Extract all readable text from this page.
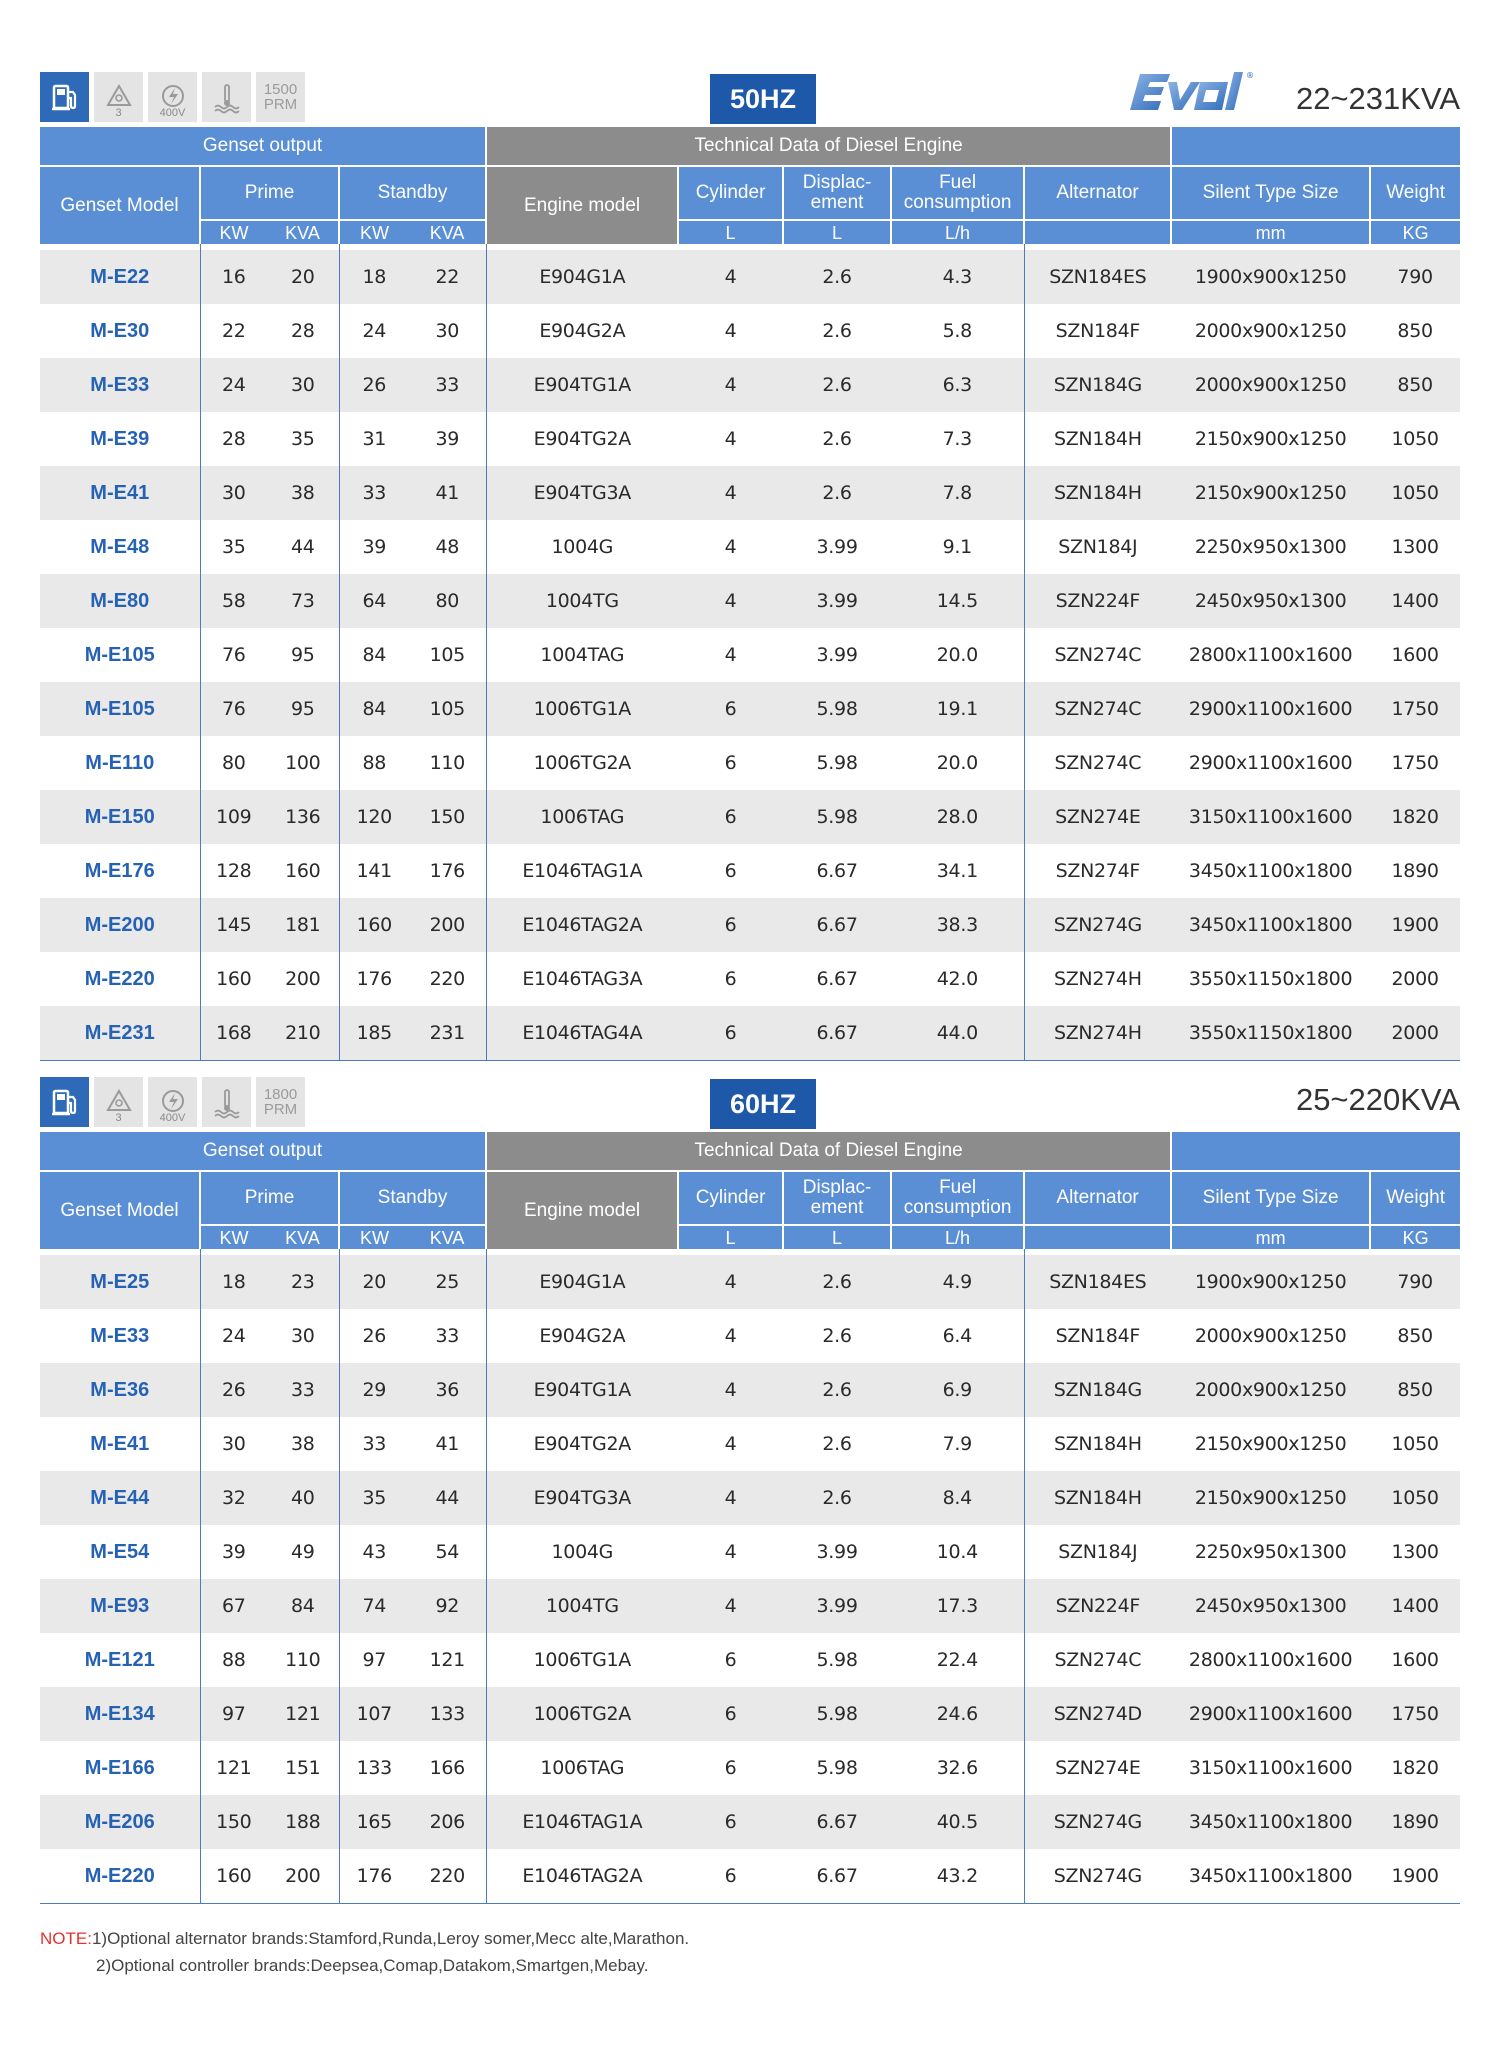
3	400V
1500
PRM	50HZ	22~231KVA
Genset output					Technical Data of Diesel Engine						
Genset Model	Prime		Standby		Engine model	Cylinder	Displac- ement	Fuel consumption	Alternator	Silent Type Size	Weight
	KW	KVA	KW	KVA		L	L	L/h		mm	KG

M-E22	16	20	18	22	E904G1A	4	2.6	4.3	SZN184ES	1900x900x1250	790
M-E30	22	28	24	30	E904G2A	4	2.6	5.8	SZN184F	2000x900x1250	850
M-E33	24	30	26	33	E904TG1A	4	2.6	6.3	SZN184G	2000x900x1250	850
M-E39	28	35	31	39	E904TG2A	4	2.6	7.3	SZN184H	2150x900x1250	1050
M-E41	30	38	33	41	E904TG3A	4	2.6	7.8	SZN184H	2150x900x1250	1050
M-E48	35	44	39	48	1004G	4	3.99	9.1	SZN184J	2250x950x1300	1300
M-E80	58	73	64	80	1004TG	4	3.99	14.5	SZN224F	2450x950x1300	1400
M-E105	76	95	84	105	1004TAG	4	3.99	20.0	SZN274C	2800x1100x1600	1600
M-E105	76	95	84	105	1006TG1A	6	5.98	19.1	SZN274C	2900x1100x1600	1750
M-E110	80	100	88	110	1006TG2A	6	5.98	20.0	SZN274C	2900x1100x1600	1750
M-E150	109	136	120	150	1006TAG	6	5.98	28.0	SZN274E	3150x1100x1600	1820
M-E176	128	160	141	176	E1046TAG1A	6	6.67	34.1	SZN274F	3450x1100x1800	1890
M-E200	145	181	160	200	E1046TAG2A	6	6.67	38.3	SZN274G	3450x1100x1800	1900
M-E220	160	200	176	220	E1046TAG3A	6	6.67	42.0	SZN274H	3550x1150x1800	2000
M-E231	168	210	185	231	E1046TAG4A	6	6.67	44.0	SZN274H	3550x1150x1800	2000
®
3	400V
1800
PRM	60HZ	25~220KVA
Genset output					Technical Data of Diesel Engine						
Genset Model	Prime		Standby		Engine model	Cylinder	Displac- ement	Fuel consumption	Alternator	Silent Type Size	Weight
	KW	KVA	KW	KVA		L	L	L/h		mm	KG

M-E25	18	23	20	25	E904G1A	4	2.6	4.9	SZN184ES	1900x900x1250	790
M-E33	24	30	26	33	E904G2A	4	2.6	6.4	SZN184F	2000x900x1250	850
M-E36	26	33	29	36	E904TG1A	4	2.6	6.9	SZN184G	2000x900x1250	850
M-E41	30	38	33	41	E904TG2A	4	2.6	7.9	SZN184H	2150x900x1250	1050
M-E44	32	40	35	44	E904TG3A	4	2.6	8.4	SZN184H	2150x900x1250	1050
M-E54	39	49	43	54	1004G	4	3.99	10.4	SZN184J	2250x950x1300	1300
M-E93	67	84	74	92	1004TG	4	3.99	17.3	SZN224F	2450x950x1300	1400
M-E121	88	110	97	121	1006TG1A	6	5.98	22.4	SZN274C	2800x1100x1600	1600
M-E134	97	121	107	133	1006TG2A	6	5.98	24.6	SZN274D	2900x1100x1600	1750
M-E166	121	151	133	166	1006TAG	6	5.98	32.6	SZN274E	3150x1100x1600	1820
M-E206	150	188	165	206	E1046TAG1A	6	6.67	40.5	SZN274G	3450x1100x1800	1890
M-E220	160	200	176	220	E1046TAG2A	6	6.67	43.2	SZN274G	3450x1100x1800	1900
NOTE:1)Optional alternator brands:Stamford,Runda,Leroy somer,Mecc alte,Marathon.
2)Optional controller brands:Deepsea,Comap,Datakom,Smartgen,Mebay.
